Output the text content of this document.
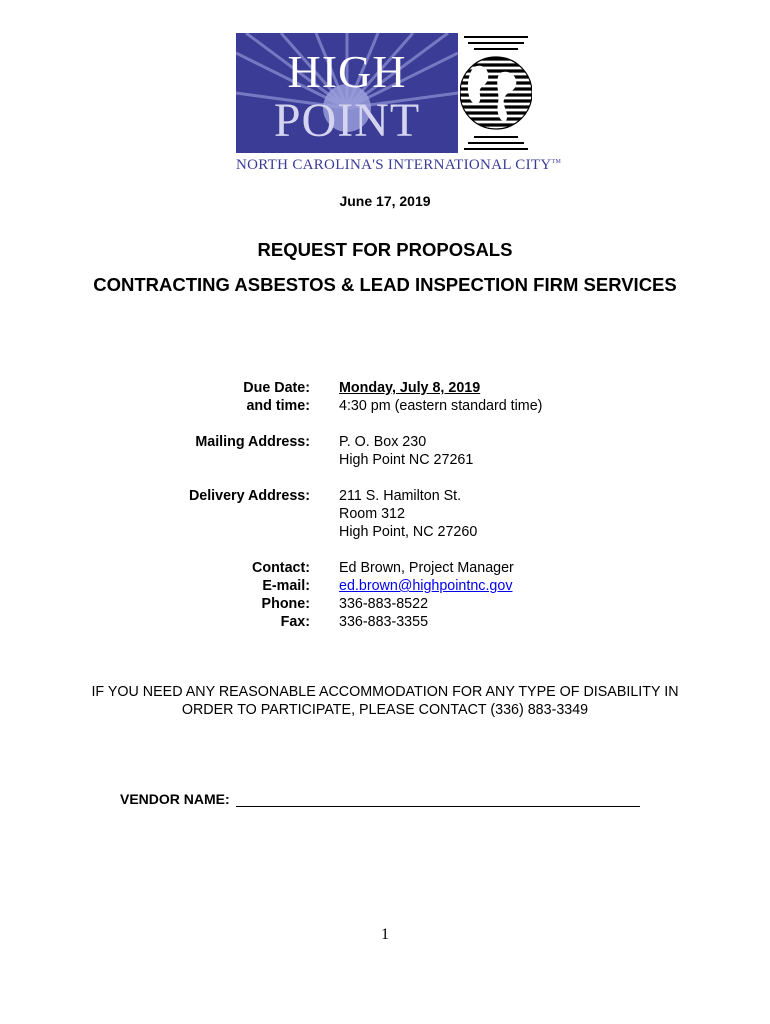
HIGH
POINT
NORTH CAROLINA'S INTERNATIONAL CITY™
June 17, 2019
REQUEST FOR PROPOSALS
CONTRACTING ASBESTOS & LEAD INSPECTION FIRM SERVICES
Due Date:
and time:
Monday, July 8, 2019
4:30 pm (eastern standard time)
Mailing Address: P. O. Box 230
High Point NC 27261
Delivery Address: 211 S. Hamilton St.
Room 312
High Point, NC 27260
Contact:
E-mail:
Phone:
Fax:
Ed Brown, Project Manager
ed.brown@highpointnc.gov
336-883-8522
336-883-3355
IF YOU NEED ANY REASONABLE ACCOMMODATION FOR ANY TYPE OF DISABILITY IN
ORDER TO PARTICIPATE, PLEASE CONTACT (336) 883-3349
VENDOR NAME:
1
